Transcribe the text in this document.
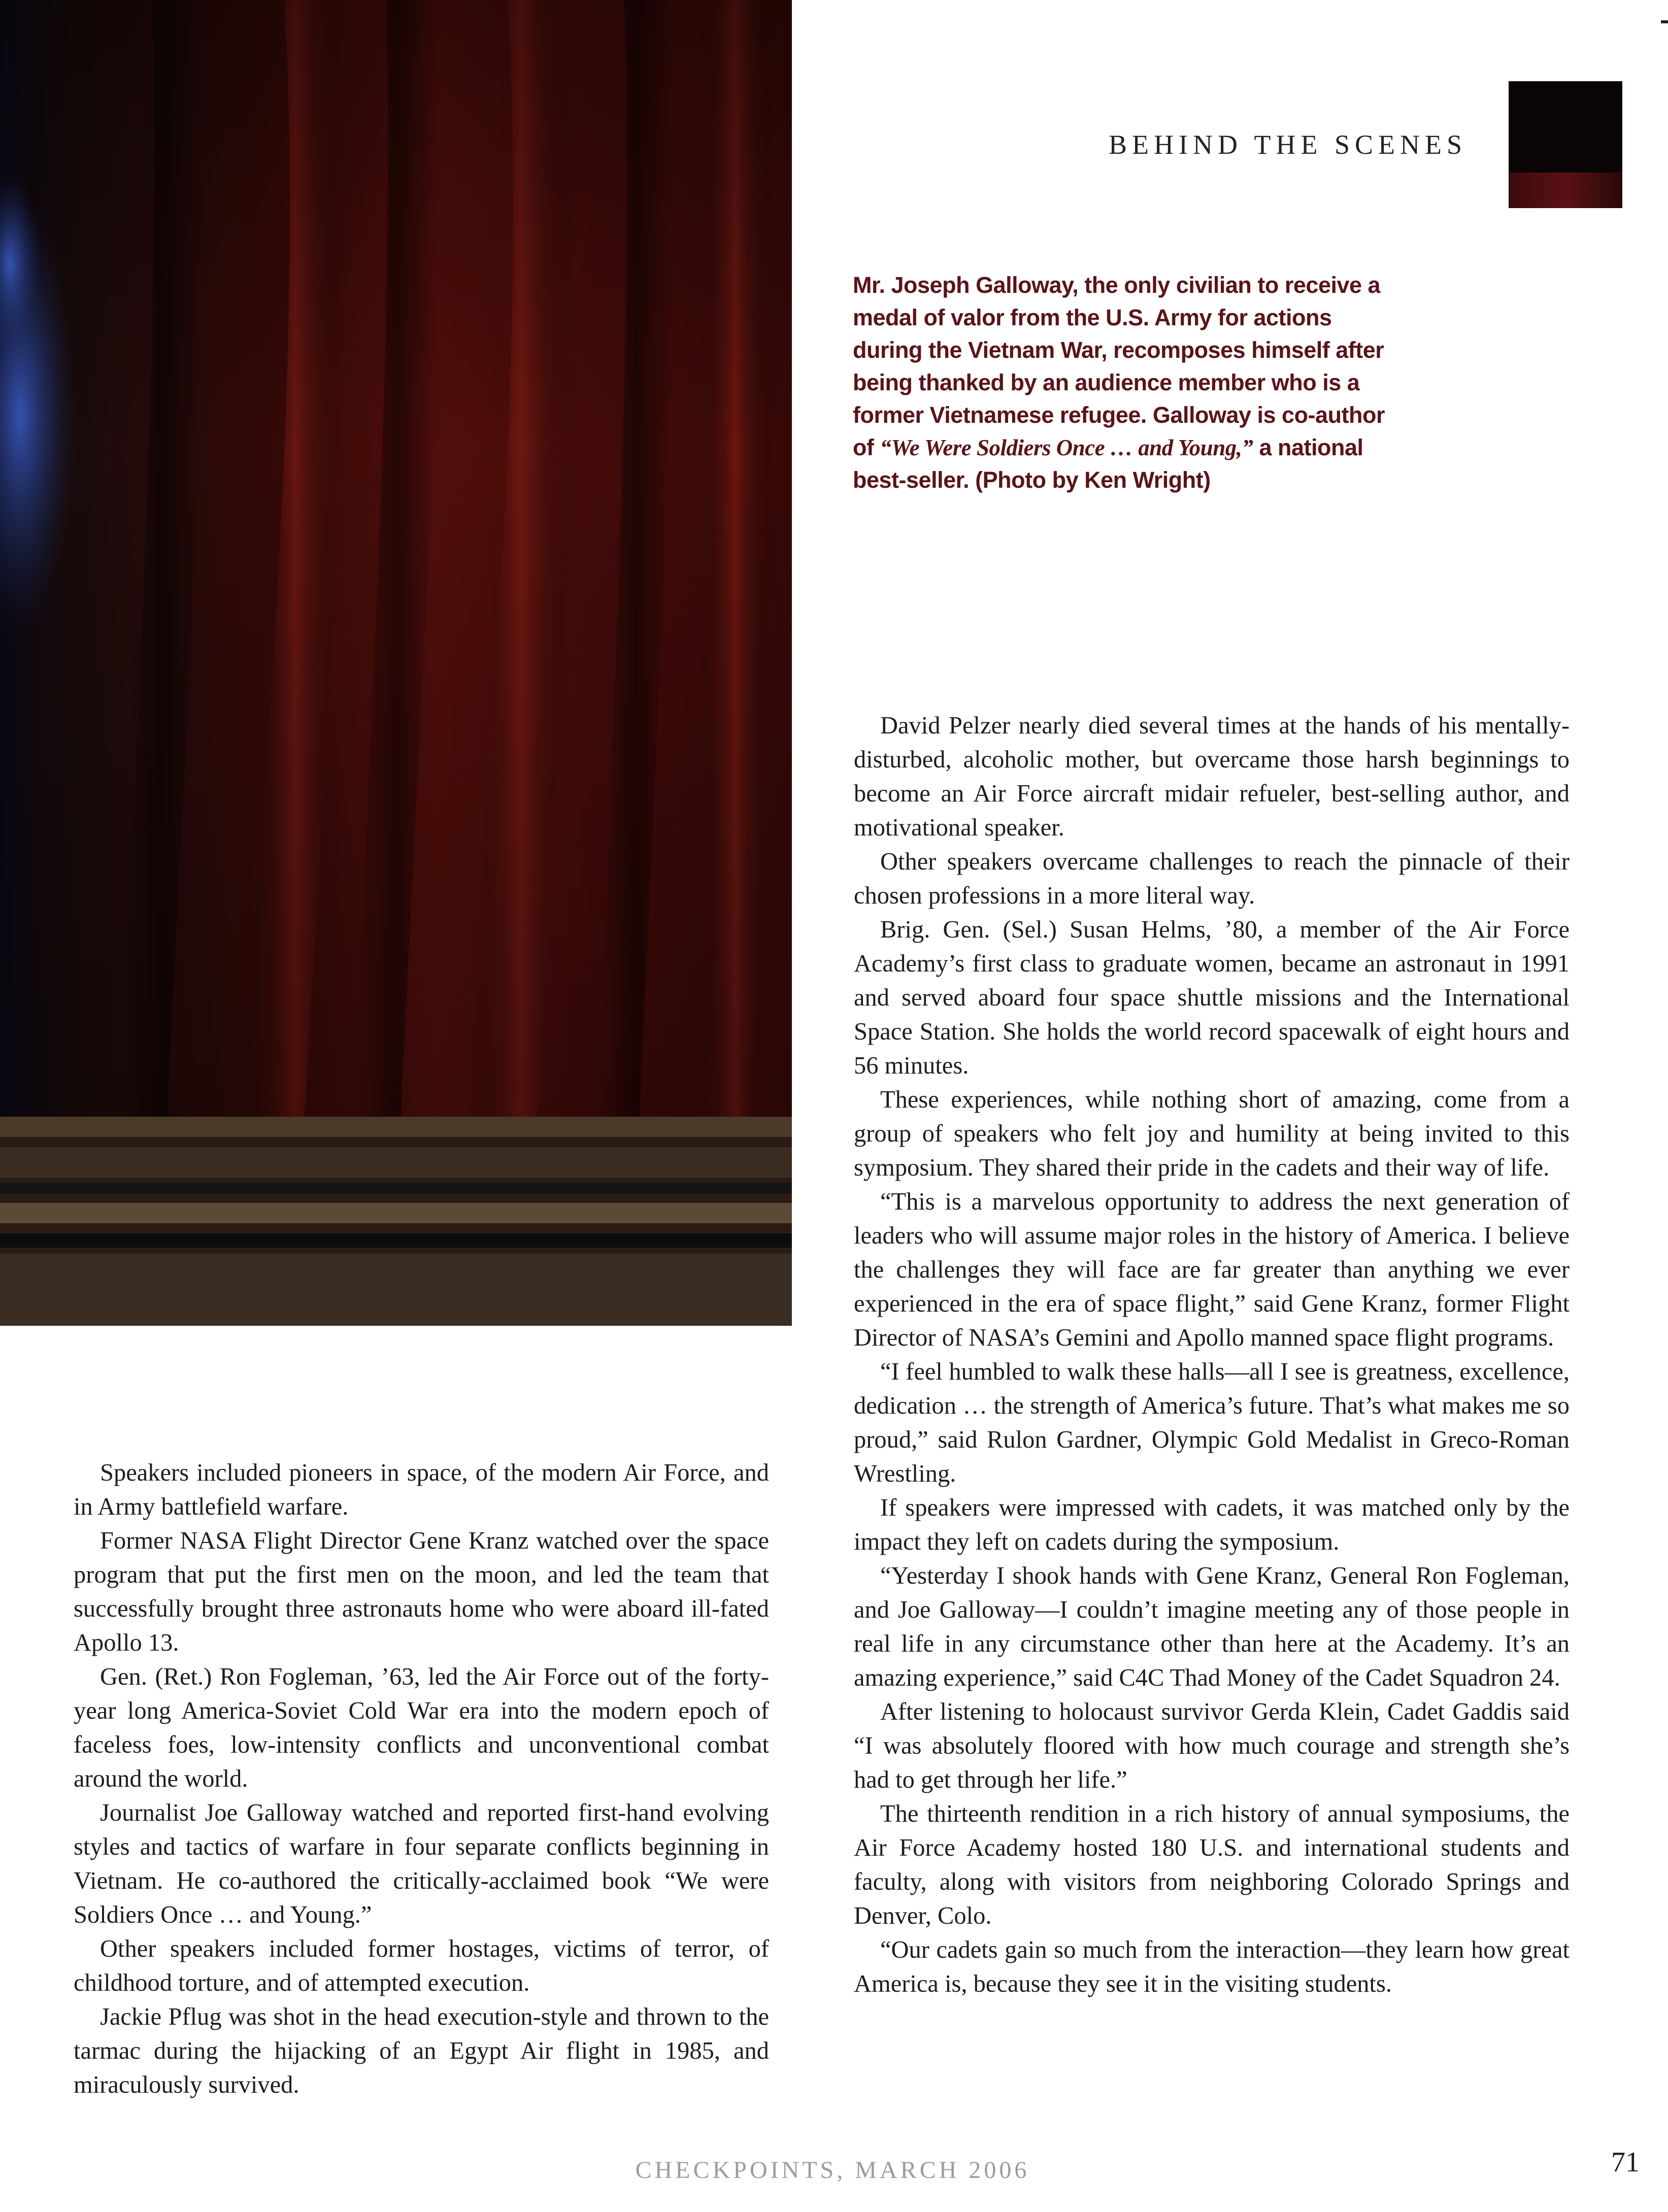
BEHIND THE SCENES
Mr. Joseph Galloway, the only civilian to receive a medal of valor from the U.S. Army for actions during the Vietnam War, recomposes himself after being thanked by an audience member who is a former Vietnamese refugee. Galloway is co-author of “We Were Soldiers Once … and Young,” a national best-seller. (Photo by Ken Wright)

Speakers included pioneers in space, of the modern Air Force, and in Army battlefield warfare.

Former NASA Flight Director Gene Kranz watched over the space program that put the first men on the moon, and led the team that successfully brought three astronauts home who were aboard ill-fated Apollo 13.

Gen. (Ret.) Ron Fogleman, ’63, led the Air Force out of the forty-year long America-Soviet Cold War era into the modern epoch of faceless foes, low-intensity conflicts and unconventional combat around the world.

Journalist Joe Galloway watched and reported first-hand evolving styles and tactics of warfare in four separate conflicts beginning in Vietnam. He co-authored the critically-acclaimed book “We were Soldiers Once … and Young.”

Other speakers included former hostages, victims of terror, of childhood torture, and of attempted execution.

Jackie Pflug was shot in the head execution-style and thrown to the tarmac during the hijacking of an Egypt Air flight in 1985, and miraculously survived.

David Pelzer nearly died several times at the hands of his mentally-disturbed, alcoholic mother, but overcame those harsh beginnings to become an Air Force aircraft midair refueler, best-selling author, and motivational speaker.

Other speakers overcame challenges to reach the pinnacle of their chosen professions in a more literal way.

Brig. Gen. (Sel.) Susan Helms, ’80, a member of the Air Force Academy’s first class to graduate women, became an astronaut in 1991 and served aboard four space shuttle missions and the International Space Station. She holds the world record spacewalk of eight hours and 56 minutes.

These experiences, while nothing short of amazing, come from a group of speakers who felt joy and humility at being invited to this symposium. They shared their pride in the cadets and their way of life.

“This is a marvelous opportunity to address the next generation of leaders who will assume major roles in the history of America. I believe the challenges they will face are far greater than anything we ever experienced in the era of space flight,” said Gene Kranz, former Flight Director of NASA’s Gemini and Apollo manned space flight programs.

“I feel humbled to walk these halls—all I see is greatness, excellence, dedication … the strength of America’s future. That’s what makes me so proud,” said Rulon Gardner, Olympic Gold Medalist in Greco-Roman Wrestling.

If speakers were impressed with cadets, it was matched only by the impact they left on cadets during the symposium.

“Yesterday I shook hands with Gene Kranz, General Ron Fogleman, and Joe Galloway—I couldn’t imagine meeting any of those people in real life in any circumstance other than here at the Academy. It’s an amazing experience,” said C4C Thad Money of the Cadet Squadron 24.

After listening to holocaust survivor Gerda Klein, Cadet Gaddis said “I was absolutely floored with how much courage and strength she’s had to get through her life.”

The thirteenth rendition in a rich history of annual symposiums, the Air Force Academy hosted 180 U.S. and international students and faculty, along with visitors from neighboring Colorado Springs and Denver, Colo.

“Our cadets gain so much from the interaction—they learn how great America is, because they see it in the visiting students.

CHECKPOINTS, MARCH 2006	71
